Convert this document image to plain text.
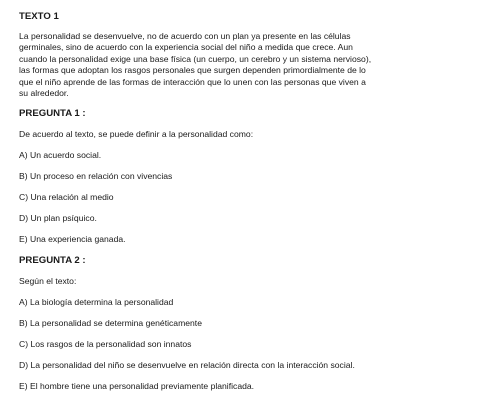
TEXTO 1

La personalidad se desenvuelve, no de acuerdo con un plan ya presente en las células
germinales, sino de acuerdo con la experiencia social del niño a medida que crece. Aun
cuando la personalidad exige una base física (un cuerpo, un cerebro y un sistema nervioso),
las formas que adoptan los rasgos personales que surgen dependen primordialmente de lo
que el niño aprende de las formas de interacción que lo unen con las personas que viven a
su alrededor.

PREGUNTA 1 :

De acuerdo al texto, se puede definir a la personalidad como:

A) Un acuerdo social.

B) Un proceso en relación con vivencias

C) Una relación al medio

D) Un plan psíquico.

E) Una experiencia ganada.

PREGUNTA 2 :

Según el texto:

A) La biología determina la personalidad

B) La personalidad se determina genéticamente

C) Los rasgos de la personalidad son innatos

D) La personalidad del niño se desenvuelve en relación directa con la interacción social.

E) El hombre tiene una personalidad previamente planificada.
